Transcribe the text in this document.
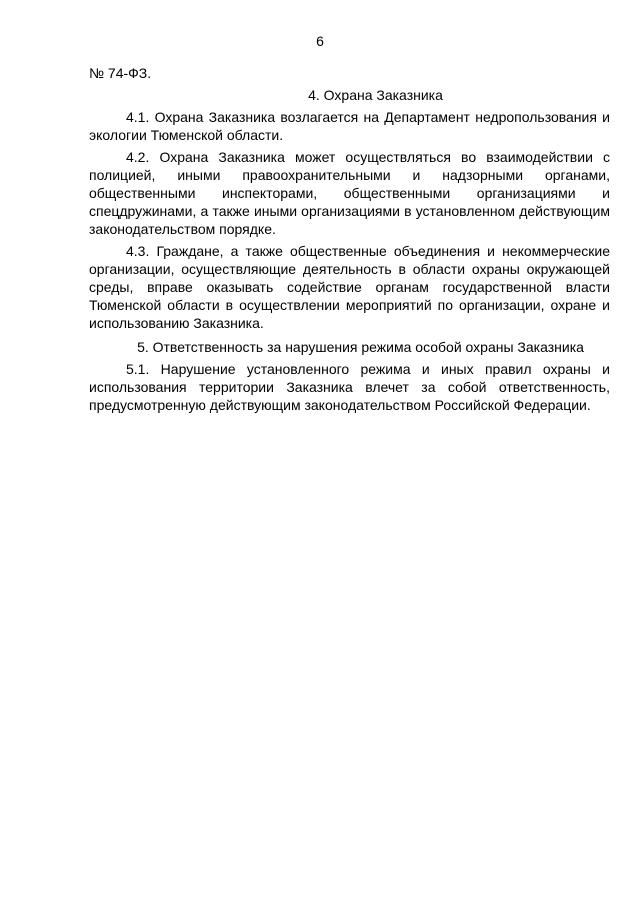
6

№ 74-ФЗ.

4. Охрана Заказника

4.1. Охрана Заказника возлагается на Департамент недропользования и экологии Тюменской области.

4.2. Охрана Заказника может осуществляться во взаимодействии с полицией, иными правоохранительными и надзорными органами, общественными инспекторами, общественными организациями и спецдружинами, а также иными организациями в установленном действующим законодательством порядке.

4.3. Граждане, а также общественные объединения и некоммерческие организации, осуществляющие деятельность в области охраны окружающей среды, вправе оказывать содействие органам государственной власти Тюменской области в осуществлении мероприятий по организации, охране и использованию Заказника.

5. Ответственность за нарушения режима особой охраны Заказника

5.1. Нарушение установленного режима и иных правил охраны и использования территории Заказника влечет за собой ответственность, предусмотренную действующим законодательством Российской Федерации.
